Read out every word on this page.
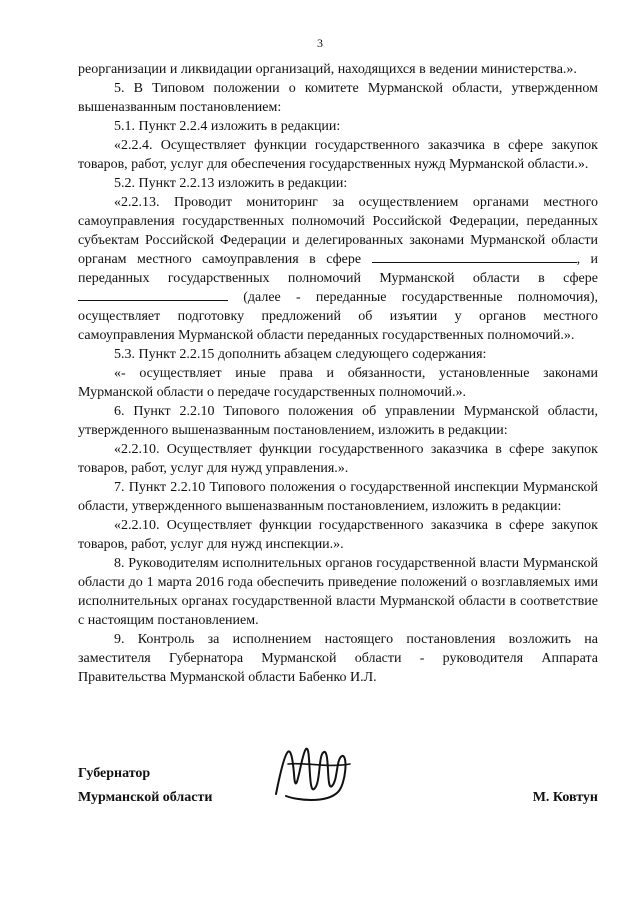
3

реорганизации и ликвидации организаций, находящихся в ведении министерства.».

5. В Типовом положении о комитете Мурманской области, утвержденном вышеназванным постановлением:

5.1. Пункт 2.2.4 изложить в редакции:

«2.2.4. Осуществляет функции государственного заказчика в сфере закупок товаров, работ, услуг для обеспечения государственных нужд Мурманской области.».

5.2. Пункт 2.2.13 изложить в редакции:

«2.2.13. Проводит мониторинг за осуществлением органами местного самоуправления государственных полномочий Российской Федерации, переданных субъектам Российской Федерации и делегированных законами Мурманской области органам местного самоуправления в сфере	, и переданных государственных полномочий Мурманской области в сфере  (далее - переданные государственные полномочия), осуществляет подготовку предложений об изъятии у органов местного самоуправления Мурманской области переданных государственных полномочий.».

5.3. Пункт 2.2.15 дополнить абзацем следующего содержания:

«- осуществляет иные права и обязанности, установленные законами Мурманской области о передаче государственных полномочий.».

6. Пункт 2.2.10 Типового положения об управлении Мурманской области, утвержденного вышеназванным постановлением, изложить в редакции:

«2.2.10. Осуществляет функции государственного заказчика в сфере закупок товаров, работ, услуг для нужд управления.».

7. Пункт 2.2.10 Типового положения о государственной инспекции Мурманской области, утвержденного вышеназванным постановлением, изложить в редакции:

«2.2.10. Осуществляет функции государственного заказчика в сфере закупок товаров, работ, услуг для нужд инспекции.».

8. Руководителям исполнительных органов государственной власти Мурманской области до 1 марта 2016 года обеспечить приведение положений о возглавляемых ими исполнительных органах государственной власти Мурманской области в соответствие с настоящим постановлением.

9. Контроль за исполнением настоящего постановления возложить на заместителя Губернатора Мурманской области - руководителя Аппарата Правительства Мурманской области Бабенко И.Л.

Губернатор
Мурманской области	М. Ковтун
